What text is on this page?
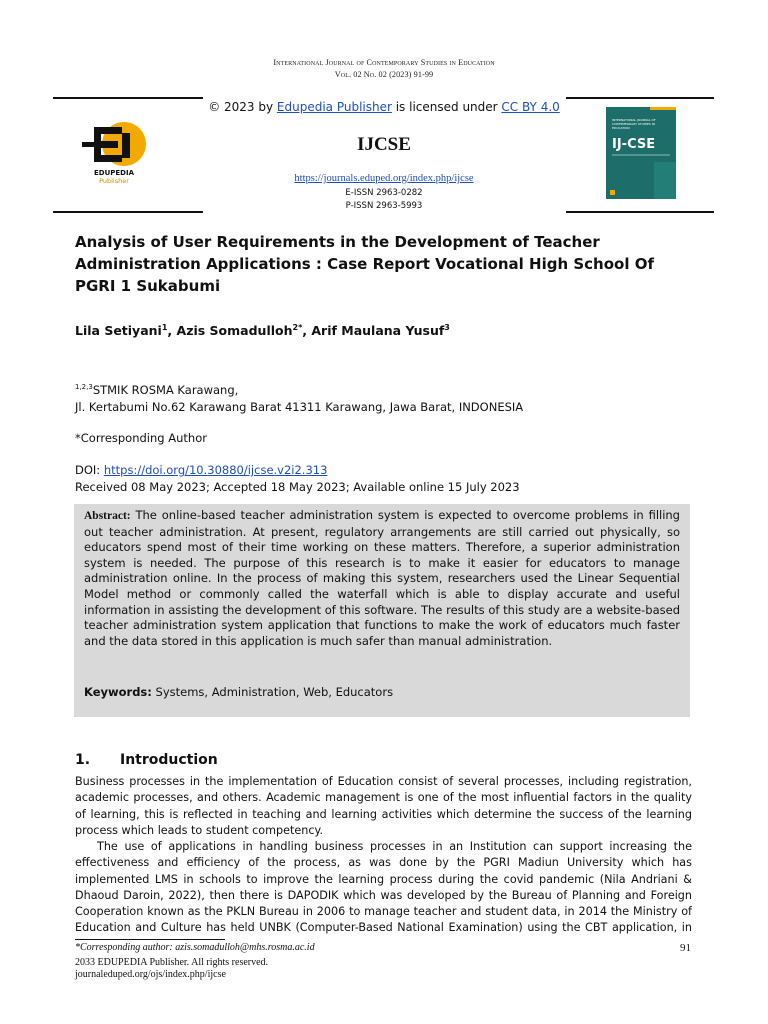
International Journal of Contemporary Studies in Education
Vol. 02 No. 02 (2023) 91-99
© 2023 by Edupedia Publisher is licensed under CC BY 4.0
EDUPEDIA
Publisher
IJCSE
https://journals.eduped.org/index.php/ijcse
E-ISSN 2963-0282
P-ISSN 2963-5993
INTERNATIONAL JOURNAL OF
CONTEMPORARY STUDIES IN
EDUCATION
IJ-CSE
Analysis of User Requirements in the Development of Teacher Administration Applications : Case Report Vocational High School Of PGRI 1 Sukabumi
Lila Setiyani$^1$, Azis Somadulloh$^{2*}$, Arif Maulana Yusuf$^3$
$^{1,2,3}$STMIK ROSMA Karawang,
Jl. Kertabumi No.62 Karawang Barat 41311 Karawang, Jawa Barat, INDONESIA
*Corresponding Author
DOI: https://doi.org/10.30880/ijcse.v2i2.313
Received 08 May 2023; Accepted 18 May 2023; Available online 15 July 2023
Abstract: The online-based teacher administration system is expected to overcome problems in filling out teacher administration. At present, regulatory arrangements are still carried out physically, so educators spend most of their time working on these matters. Therefore, a superior administration system is needed. The purpose of this research is to make it easier for educators to manage administration online. In the process of making this system, researchers used the Linear Sequential Model method or commonly called the waterfall which is able to display accurate and useful information in assisting the development of this software. The results of this study are a website-based teacher administration system application that functions to make the work of educators much faster and the data stored in this application is much safer than manual administration.
Keywords: Systems, Administration, Web, Educators
1. Introduction
Business processes in the implementation of Education consist of several processes, including registration, academic processes, and others. Academic management is one of the most influential factors in the quality of learning, this is reflected in teaching and learning activities which determine the success of the learning process which leads to student competency.
The use of applications in handling business processes in an Institution can support increasing the effectiveness and efficiency of the process, as was done by the PGRI Madiun University which has implemented LMS in schools to improve the learning process during the covid pandemic (Nila Andriani & Dhaoud Daroin, 2022), then there is DAPODIK which was developed by the Bureau of Planning and Foreign Cooperation known as the PKLN Bureau in 2006 to manage teacher and student data, in 2014 the Ministry of Education and Culture has held UNBK (Computer-Based National Examination) using the CBT application, in
*Corresponding author: azis.somadulloh@mhs.rosma.ac.id
2033 EDUPEDIA Publisher. All rights reserved.
journaleduped.org/ojs/index.php/ijcse
91
